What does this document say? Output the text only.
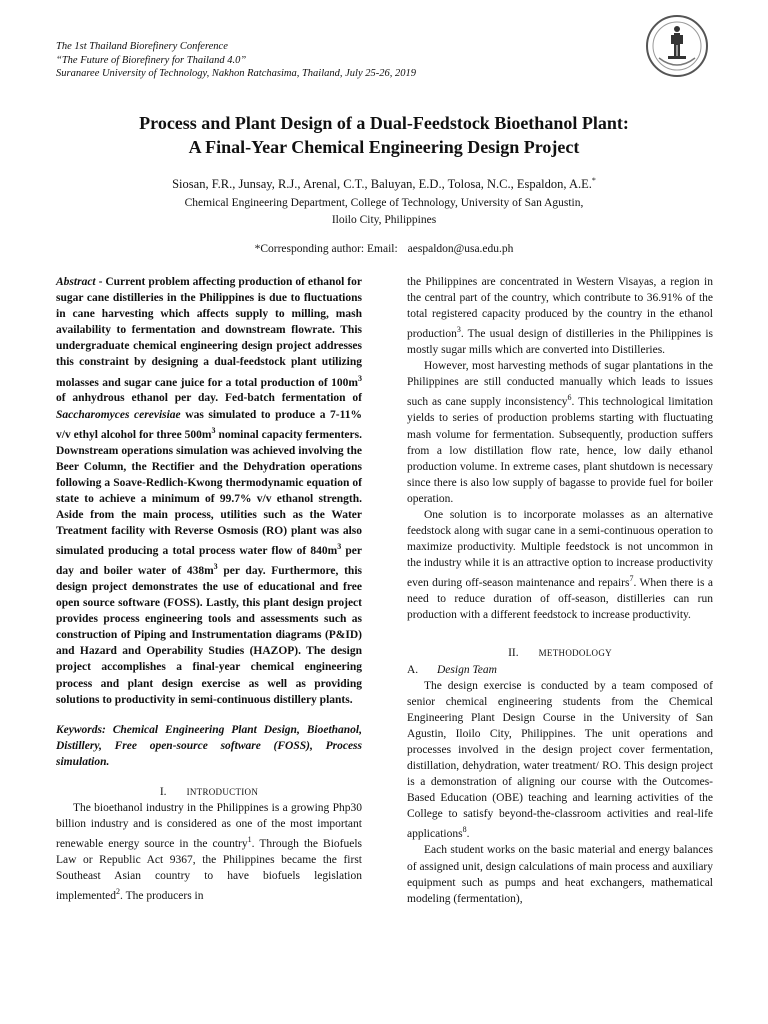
The 1st Thailand Biorefinery Conference
“The Future of Biorefinery for Thailand 4.0”
Suranaree University of Technology, Nakhon Ratchasima, Thailand, July 25-26, 2019
Process and Plant Design of a Dual-Feedstock Bioethanol Plant:
A Final-Year Chemical Engineering Design Project
Siosan, F.R., Junsay, R.J., Arenal, C.T., Baluyan, E.D., Tolosa, N.C., Espaldon, A.E.*
Chemical Engineering Department, College of Technology, University of San Agustin,
Iloilo City, Philippines
*Corresponding author: Email: aespaldon@usa.edu.ph

Abstract - Current problem affecting production of ethanol for sugar cane distilleries in the Philippines is due to fluctuations in cane harvesting which affects supply to milling, mash availability to fermentation and downstream flowrate. This undergraduate chemical engineering design project addresses this constraint by designing a dual-feedstock plant utilizing molasses and sugar cane juice for a total production of $100m^3$ of anhydrous ethanol per day. Fed-batch fermentation of Saccharomyces cerevisiae was simulated to produce a 7-11% v/v ethyl alcohol for three $500m^3$ nominal capacity fermenters. Downstream operations simulation was achieved involving the Beer Column, the Rectifier and the Dehydration operations following a Soave-Redlich-Kwong thermodynamic equation of state to achieve a minimum of 99.7% v/v ethanol strength. Aside from the main process, utilities such as the Water Treatment facility with Reverse Osmosis (RO) plant was also simulated producing a total process water flow of $840m^3$ per day and boiler water of $438m^3$ per day. Furthermore, this design project demonstrates the use of educational and free open source software (FOSS). Lastly, this plant design project provides process engineering tools and assessments such as construction of Piping and Instrumentation diagrams (P&ID) and Hazard and Operability Studies (HAZOP). The design project accomplishes a final-year chemical engineering process and plant design exercise as well as providing solutions to productivity in semi-continuous distillery plants.

Keywords: Chemical Engineering Plant Design, Bioethanol, Distillery, Free open-source software (FOSS), Process simulation.

I. INTRODUCTION

The bioethanol industry in the Philippines is a growing Php30 billion industry and is considered as one of the most important renewable energy source in the country$^1$. Through the Biofuels Law or Republic Act 9367, the Philippines became the first Southeast Asian country to have biofuels legislation implemented$^2$. The producers in

the Philippines are concentrated in Western Visayas, a region in the central part of the country, which contribute to 36.91% of the total registered capacity produced by the country in the ethanol production$^3$. The usual design of distilleries in the Philippines is mostly sugar mills which are converted into Distilleries.

However, most harvesting methods of sugar plantations in the Philippines are still conducted manually which leads to issues such as cane supply inconsistency$^6$. This technological limitation yields to series of production problems starting with fluctuating mash volume for fermentation. Subsequently, production suffers from a low distillation flow rate, hence, low daily ethanol production volume. In extreme cases, plant shutdown is necessary since there is also low supply of bagasse to provide fuel for boiler operation.

One solution is to incorporate molasses as an alternative feedstock along with sugar cane in a semi-continuous operation to maximize productivity. Multiple feedstock is not uncommon in the industry while it is an attractive option to increase productivity even during off-season maintenance and repairs$^7$. When there is a need to reduce duration of off-season, distilleries can run production with a different feedstock to increase productivity.

II. METHODOLOGY
A. Design Team

The design exercise is conducted by a team composed of senior chemical engineering students from the Chemical Engineering Plant Design Course in the University of San Agustin, Iloilo City, Philippines. The unit operations and processes involved in the design project cover fermentation, distillation, dehydration, water treatment/ RO. This design project is a demonstration of aligning our course with the Outcomes-Based Education (OBE) teaching and learning activities of the College to satisfy beyond-the-classroom activities and real-life applications$^8$.

Each student works on the basic material and energy balances of assigned unit, design calculations of main process and auxiliary equipment such as pumps and heat exchangers, mathematical modeling (fermentation),
